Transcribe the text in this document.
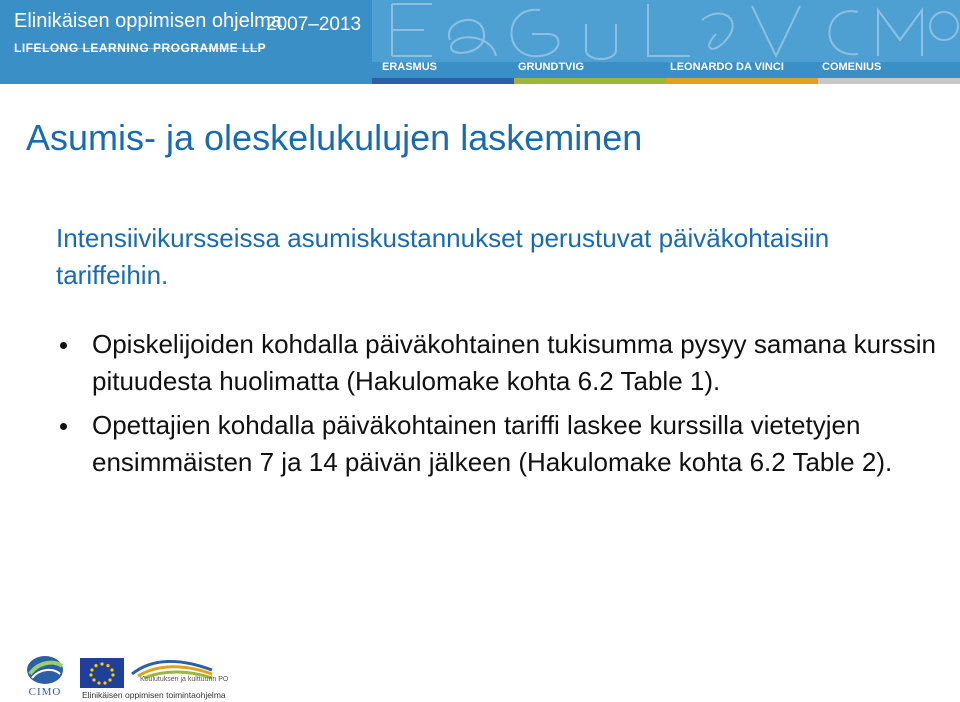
Elinikäisen oppimisen ohjelma
LIFELONG LEARNING PROGRAMME LLP
2007–2013
ERASMUS	GRUNDTVIG	LEONARDO DA VINCI	COMENIUS
Asumis- ja oleskelukulujen laskeminen
Intensiivikursseissa asumiskustannukset perustuvat päiväkohtaisiin tariffeihin.
Opiskelijoiden kohdalla päiväkohtainen tukisumma pysyy samana kurssin pituudesta huolimatta (Hakulomake kohta 6.2 Table 1).
Opettajien kohdalla päiväkohtainen tariffi laskee kurssilla vietetyjen ensimmäisten 7 ja 14 päivän jälkeen (Hakulomake kohta 6.2 Table 2).
CIMO
Koulutuksen ja kulttuurin PO
Elinikäisen oppimisen toimintaohjelma
